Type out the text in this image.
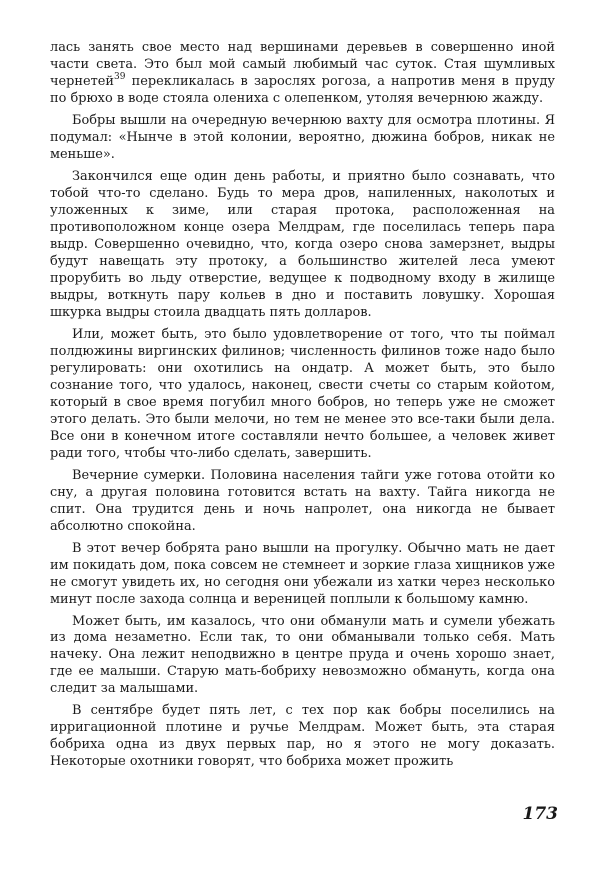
лась занять свое место над вершинами деревьев в совершенно иной части света. Это был мой самый любимый час суток. Стая шумливых чернетей$^{39}$ перекликалась в зарослях рогоза, а напротив меня в пруду по брюхо в воде стояла олениха с олепенком, утоляя вечернюю жажду.

Бобры вышли на очередную вечернюю вахту для осмотра плотины. Я подумал: «Нынче в этой колонии, вероятно, дюжина бобров, никак не меньше».

Закончился еще один день работы, и приятно было сознавать, что тобой что-то сделано. Будь то мера дров, напиленных, наколотых и уложенных к зиме, или старая протока, расположенная на противоположном конце озера Мелдрам, где поселилась теперь пара выдр. Совершенно очевидно, что, когда озеро снова замерзнет, выдры будут навещать эту протоку, а большинство жителей леса умеют прорубить во льду отверстие, ведущее к подводному входу в жилище выдры, воткнуть пару кольев в дно и поставить ловушку. Хорошая шкурка выдры стоила двадцать пять долларов.

Или, может быть, это было удовлетворение от того, что ты поймал полдюжины виргинских филинов; численность филинов тоже надо было регулировать: они охотились на ондатр. А может быть, это было сознание того, что удалось, наконец, свести счеты со старым койотом, который в свое время погубил много бобров, но теперь уже не сможет этого делать. Это были мелочи, но тем не менее это все-таки были дела. Все они в конечном итоге составляли нечто большее, а человек живет ради того, чтобы что-либо сделать, завершить.

Вечерние сумерки. Половина населения тайги уже готова отойти ко сну, а другая половина готовится встать на вахту. Тайга никогда не спит. Она трудится день и ночь напролет, она никогда не бывает абсолютно спокойна.

В этот вечер бобрята рано вышли на прогулку. Обычно мать не дает им покидать дом, пока совсем не стемнеет и зоркие глаза хищников уже не смогут увидеть их, но сегодня они убежали из хатки через несколько минут после захода солнца и вереницей поплыли к большому камню.

Может быть, им казалось, что они обманули мать и сумели убежать из дома незаметно. Если так, то они обманывали только себя. Мать начеку. Она лежит неподвижно в центре пруда и очень хорошо знает, где ее малыши. Старую мать-бобриху невозможно обмануть, когда она следит за малышами.

В сентябре будет пять лет, с тех пор как бобры поселились на ирригационной плотине и ручье Мелдрам. Может быть, эта старая бобриха одна из двух первых пар, но я этого не могу доказать. Некоторые охотники говорят, что бобриха может прожить

173
